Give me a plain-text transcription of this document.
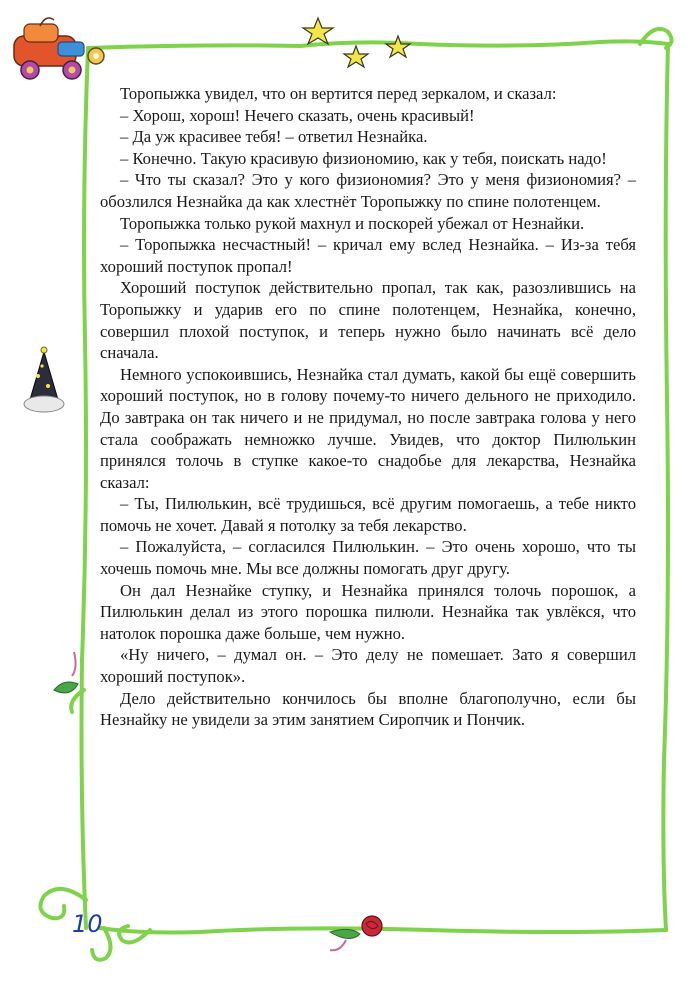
Торопыжка увидел, что он вертится перед зеркалом, и сказал:

– Хорош, хорош! Нечего сказать, очень красивый!

– Да уж красивее тебя! – ответил Незнайка.

– Конечно. Такую красивую физиономию, как у тебя, поискать надо!

– Что ты сказал? Это у кого физиономия? Это у меня физиономия? – обозлился Незнайка да как хлестнёт Торопыжку по спине полотенцем.

Торопыжка только рукой махнул и поскорей убежал от Незнайки.

– Торопыжка несчастный! – кричал ему вслед Незнайка. – Из-за тебя хороший поступок пропал!

Хороший поступок действительно пропал, так как, разозлившись на Торопыжку и ударив его по спине полотенцем, Незнайка, конечно, совершил плохой поступок, и теперь нужно было начинать всё дело сначала.

Немного успокоившись, Незнайка стал думать, какой бы ещё совершить хороший поступок, но в голову почему-то ничего дельного не приходило. До завтрака он так ничего и не придумал, но после завтрака голова у него стала соображать немножко лучше. Увидев, что доктор Пилюлькин принялся толочь в ступке какое-то снадобье для лекарства, Незнайка сказал:

– Ты, Пилюлькин, всё трудишься, всё другим помогаешь, а тебе никто помочь не хочет. Давай я потолку за тебя лекарство.

– Пожалуйста, – согласился Пилюлькин. – Это очень хорошо, что ты хочешь помочь мне. Мы все должны помогать друг другу.

Он дал Незнайке ступку, и Незнайка принялся толочь порошок, а Пилюлькин делал из этого порошка пилюли. Незнайка так увлёкся, что натолок порошка даже больше, чем нужно.

«Ну ничего, – думал он. – Это делу не помешает. Зато я совершил хороший поступок».

Дело действительно кончилось бы вполне благополучно, если бы Незнайку не увидели за этим занятием Сиропчик и Пончик.

10
